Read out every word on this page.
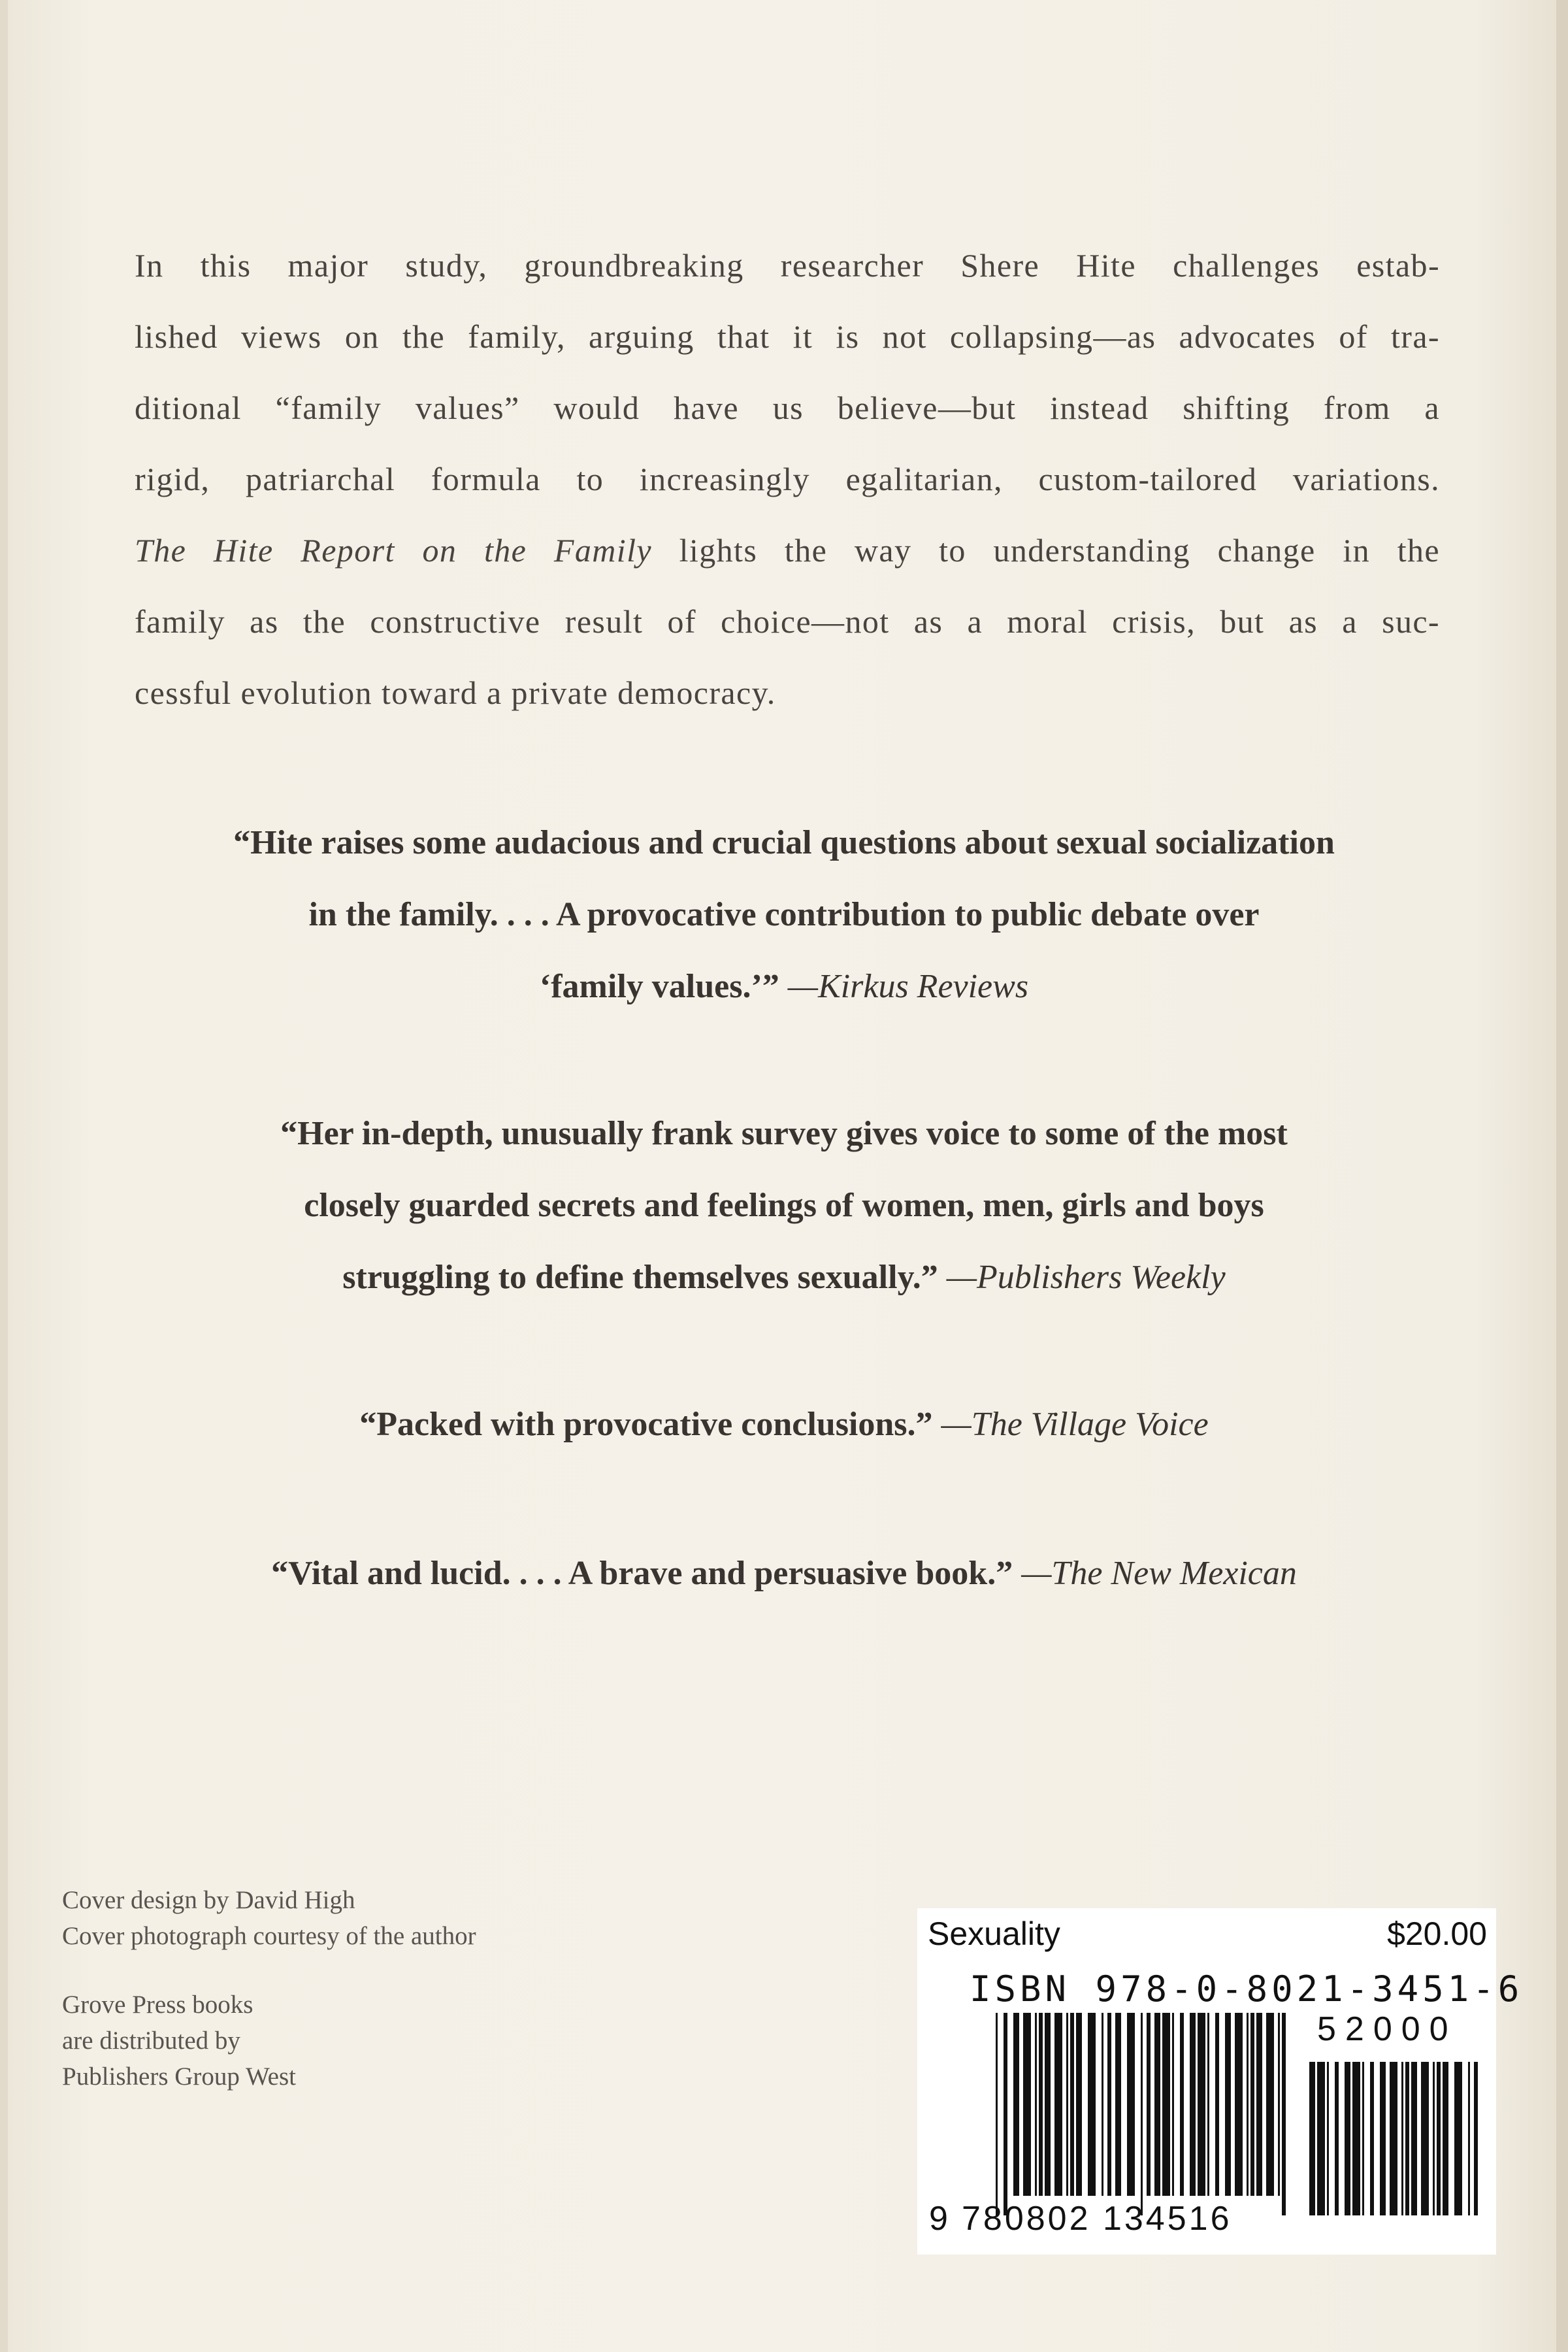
In this major study, groundbreaking researcher Shere Hite challenges estab-
lished views on the family, arguing that it is not collapsing—as advocates of tra-
ditional “family values” would have us believe—but instead shifting from a
rigid, patriarchal formula to increasingly egalitarian, custom-tailored variations.
The Hite Report on the Family lights the way to understanding change in the
family as the constructive result of choice—not as a moral crisis, but as a suc-
cessful evolution toward a private democracy.

“Hite raises some audacious and crucial questions about sexual socialization
in the family. . . . A provocative contribution to public debate over
‘family values.’” —Kirkus Reviews

“Her in-depth, unusually frank survey gives voice to some of the most
closely guarded secrets and feelings of women, men, girls and boys
struggling to define themselves sexually.” —Publishers Weekly

“Packed with provocative conclusions.” —The Village Voice

“Vital and lucid. . . . A brave and persuasive book.” —The New Mexican

Cover design by David High
Cover photograph courtesy of the author

Grove Press books
are distributed by
Publishers Group West

Sexuality	$20.00
ISBN 978-0-8021-3451-6
52000
9 780802 134516
